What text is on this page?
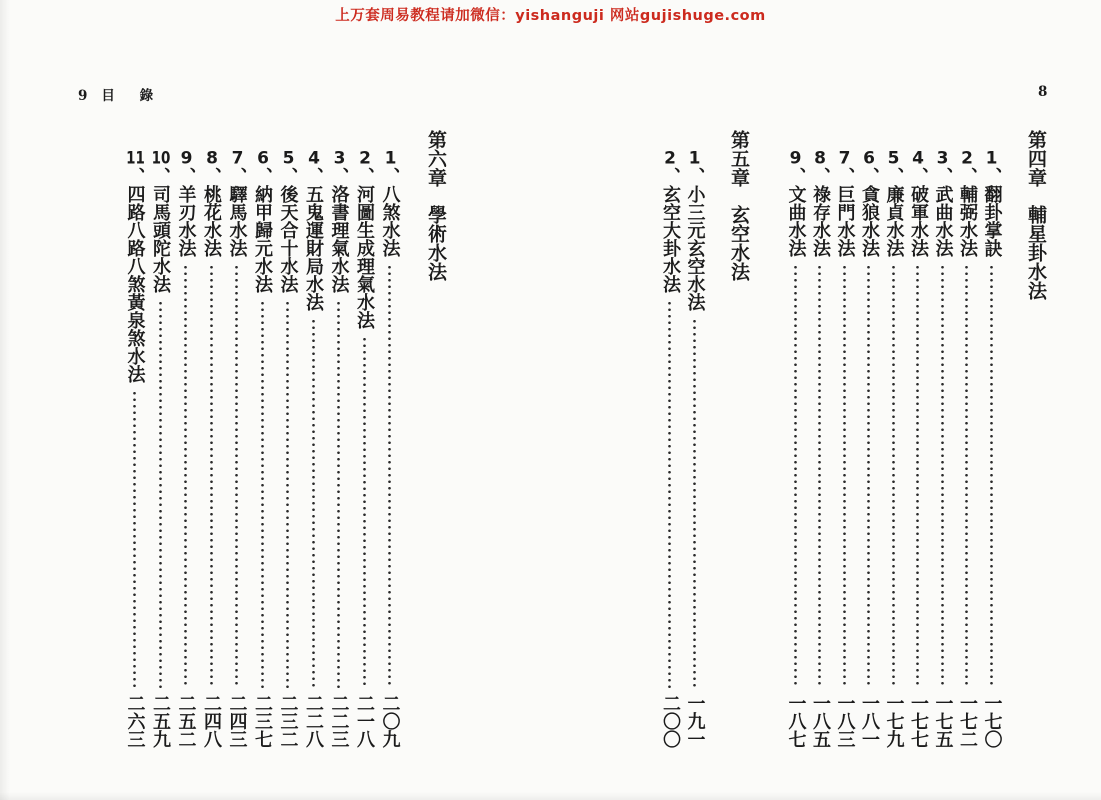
上万套周易教程请加微信：yishanguji 网站gujishuge.com
9 目 錄	8
第四章
輔星卦水法
1
、
翻卦掌訣
一七〇
2
、
輔弼水法
一七二
3
、
武曲水法
一七五
4
、
破軍水法
一七七
5
、
廉貞水法
一七九
6
、
貪狼水法
一八一
7
、
巨門水法
一八三
8
、
祿存水法
一八五
9
、
文曲水法
一八七
第五章
玄空水法
1
、
小三元玄空水法
一九一
2
、
玄空大卦水法
二〇〇
第六章
學術水法
1
、
八煞水法
二〇九
2
、
河圖生成理氣水法
二一八
3
、
洛書理氣水法
二二三
4
、
五鬼運財局水法
二二八
5
、
後天合十水法
二三二
6
、
納甲歸元水法
二三七
7
、
驛馬水法
二四三
8
、
桃花水法
二四八
9
、
羊刃水法
二五二
10
、
司馬頭陀水法
二五九
11
、
四路八路八煞黃泉煞水法
二六三
